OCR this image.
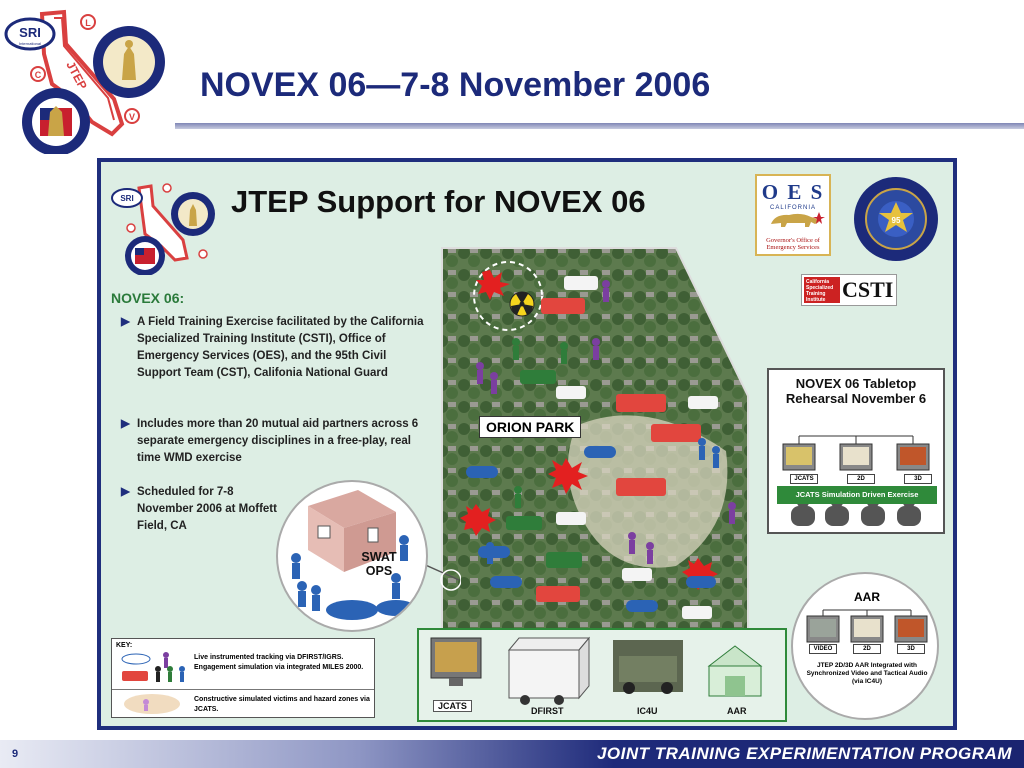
SRI
International
JTEP
L
C
V
NOVEX 06—7-8 November 2006
SRI	JTEP Support for NOVEX 06	O E S
CALIFORNIA
Governor's Office of Emergency Services
95
California Specialized Training Institute CSTI
NOVEX 06:
▶ A Field Training Exercise facilitated by the California Specialized Training Institute (CSTI), Office of Emergency Services (OES), and the 95th Civil Support Team (CST), Califonia National Guard
▶ Includes more than 20 mutual aid partners across 6 separate emergency disciplines in a free-play, real time WMD exercise
▶ Scheduled for 7-8 November 2006 at Moffett Field, CA
ORION PARK
SWAT OPS
NOVEX 06 Tabletop Rehearsal November 6
JCATS	2D	3D
JCATS Simulation Driven Exercise
JCATS	DFIRST	IC4U	AAR
AAR
VIDEO	2D	3D
JTEP 2D/3D AAR Integrated with Synchronized Video and Tactical Audio (via IC4U)
KEY:
Live instrumented tracking via DFIRST/IGRS. Engagement simulation via integrated MILES 2000.
Constructive simulated victims and hazard zones via JCATS.
9	JOINT TRAINING EXPERIMENTATION PROGRAM
